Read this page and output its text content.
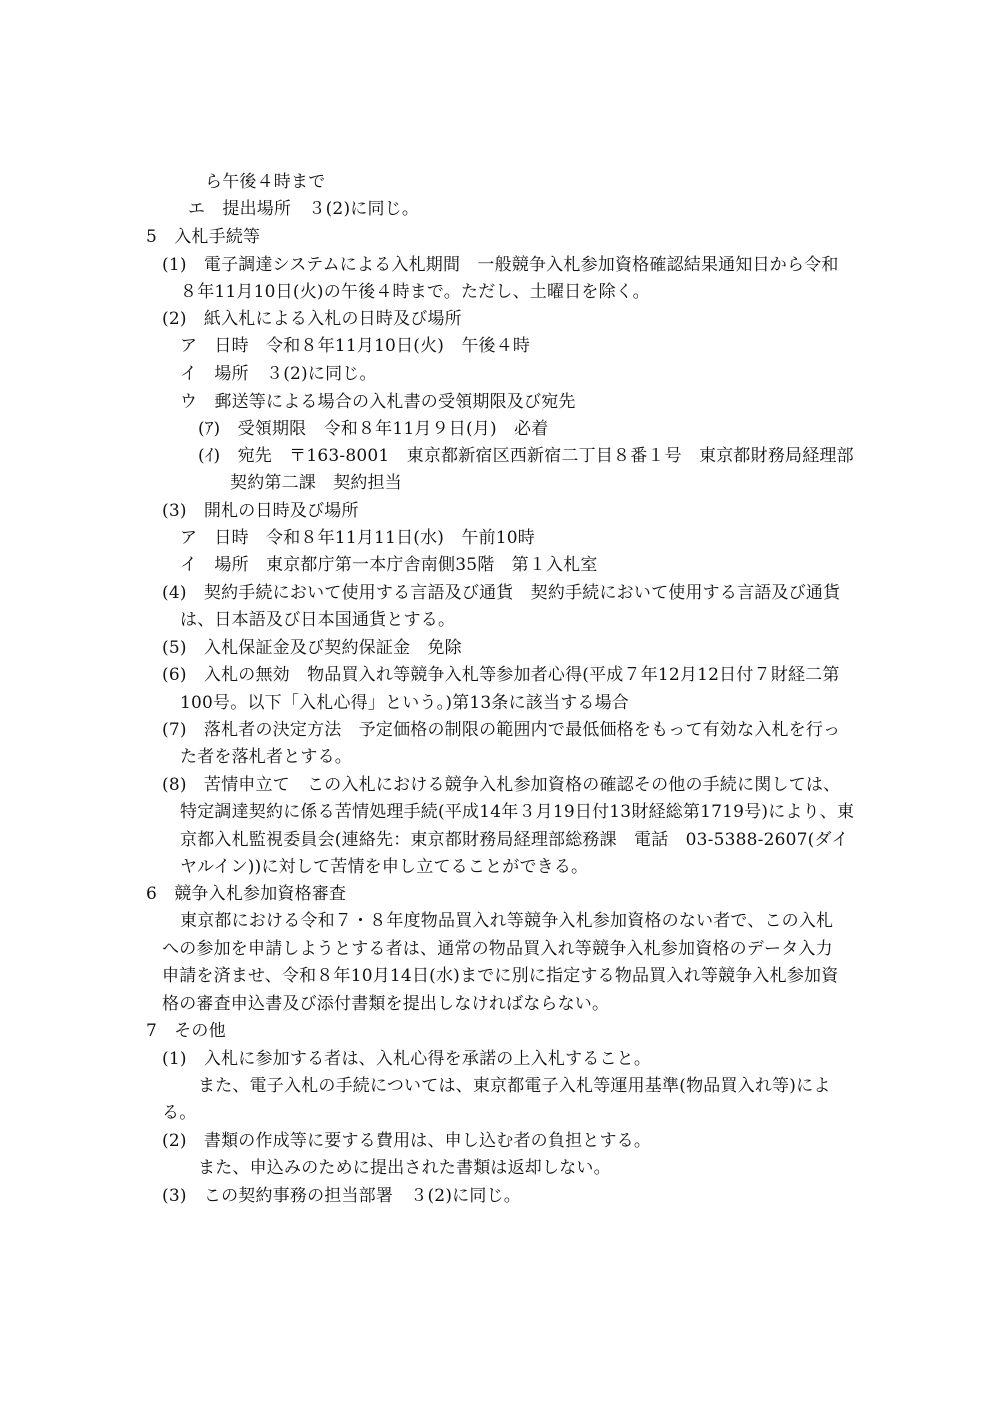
ら午後４時まで
エ　提出場所　３(2)に同じ。
5　入札手続等
(1)　電子調達システムによる入札期間　一般競争入札参加資格確認結果通知日から令和
８年11月10日(火)の午後４時まで。ただし、土曜日を除く。
(2)　紙入札による入札の日時及び場所
ア　日時　令和８年11月10日(火)　午後４時
イ　場所　３(2)に同じ。
ウ　郵送等による場合の入札書の受領期限及び宛先
(ｱ)　受領期限　令和８年11月９日(月)　必着
(ｲ)　宛先　〒163-8001　東京都新宿区西新宿二丁目８番１号　東京都財務局経理部
契約第二課　契約担当
(3)　開札の日時及び場所
ア　日時　令和８年11月11日(水)　午前10時
イ　場所　東京都庁第一本庁舎南側35階　第１入札室
(4)　契約手続において使用する言語及び通貨　契約手続において使用する言語及び通貨
は、日本語及び日本国通貨とする。
(5)　入札保証金及び契約保証金　免除
(6)　入札の無効　物品買入れ等競争入札等参加者心得(平成７年12月12日付７財経二第
100号。以下「入札心得」という。)第13条に該当する場合
(7)　落札者の決定方法　予定価格の制限の範囲内で最低価格をもって有効な入札を行っ
た者を落札者とする。
(8)　苦情申立て　この入札における競争入札参加資格の確認その他の手続に関しては、
特定調達契約に係る苦情処理手続(平成14年３月19日付13財経総第1719号)により、東
京都入札監視委員会(連絡先：東京都財務局経理部総務課　電話　03-5388-2607(ダイ
ヤルイン))に対して苦情を申し立てることができる。
6　競争入札参加資格審査
東京都における令和７・８年度物品買入れ等競争入札参加資格のない者で、この入札
への参加を申請しようとする者は、通常の物品買入れ等競争入札参加資格のデータ入力
申請を済ませ、令和８年10月14日(水)までに別に指定する物品買入れ等競争入札参加資
格の審査申込書及び添付書類を提出しなければならない。
7　その他
(1)　入札に参加する者は、入札心得を承諾の上入札すること。
また、電子入札の手続については、東京都電子入札等運用基準(物品買入れ等)によ
る。
(2)　書類の作成等に要する費用は、申し込む者の負担とする。
また、申込みのために提出された書類は返却しない。
(3)　この契約事務の担当部署　３(2)に同じ。
